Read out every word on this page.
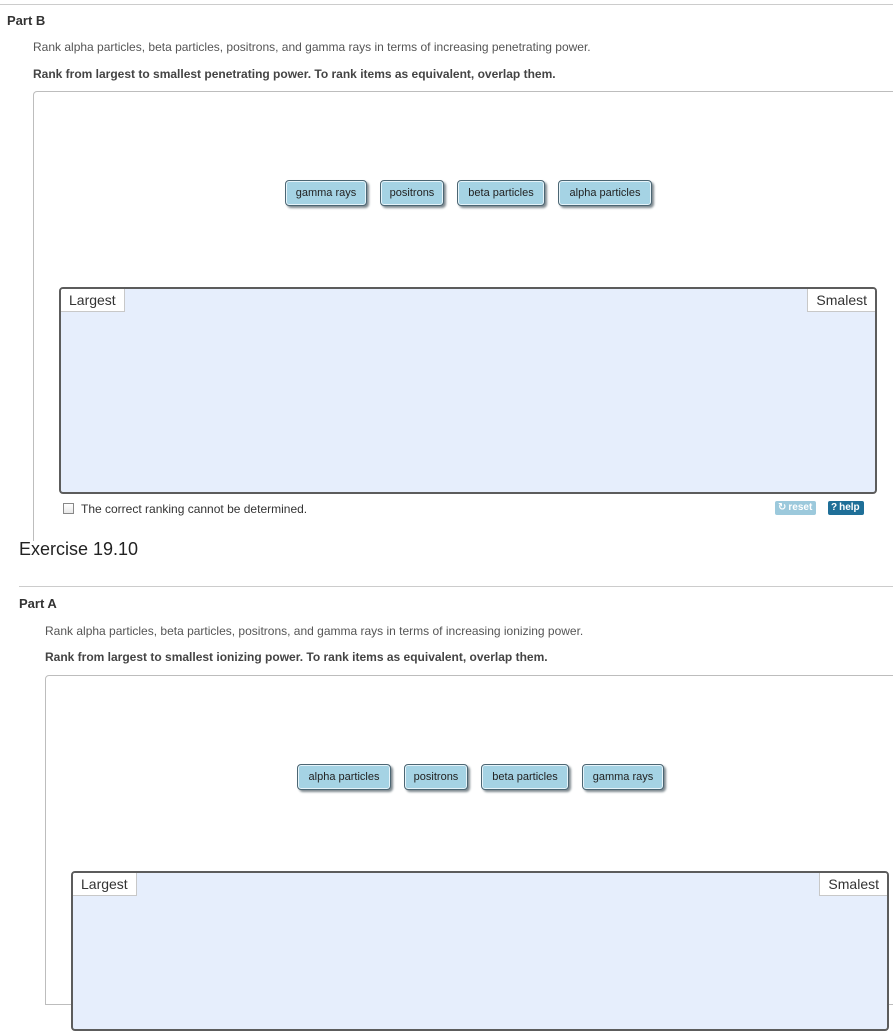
Part B
Rank alpha particles, beta particles, positrons, and gamma rays in terms of increasing penetrating power.
Rank from largest to smallest penetrating power. To rank items as equivalent, overlap them.
gamma rays	positrons	beta particles	alpha particles
Largest	Smalest
The correct ranking cannot be determined.	↻ reset	? help
Exercise 19.10
Part A
Rank alpha particles, beta particles, positrons, and gamma rays in terms of increasing ionizing power.
Rank from largest to smallest ionizing power. To rank items as equivalent, overlap them.
alpha particles	positrons	beta particles	gamma rays
Largest	Smalest
